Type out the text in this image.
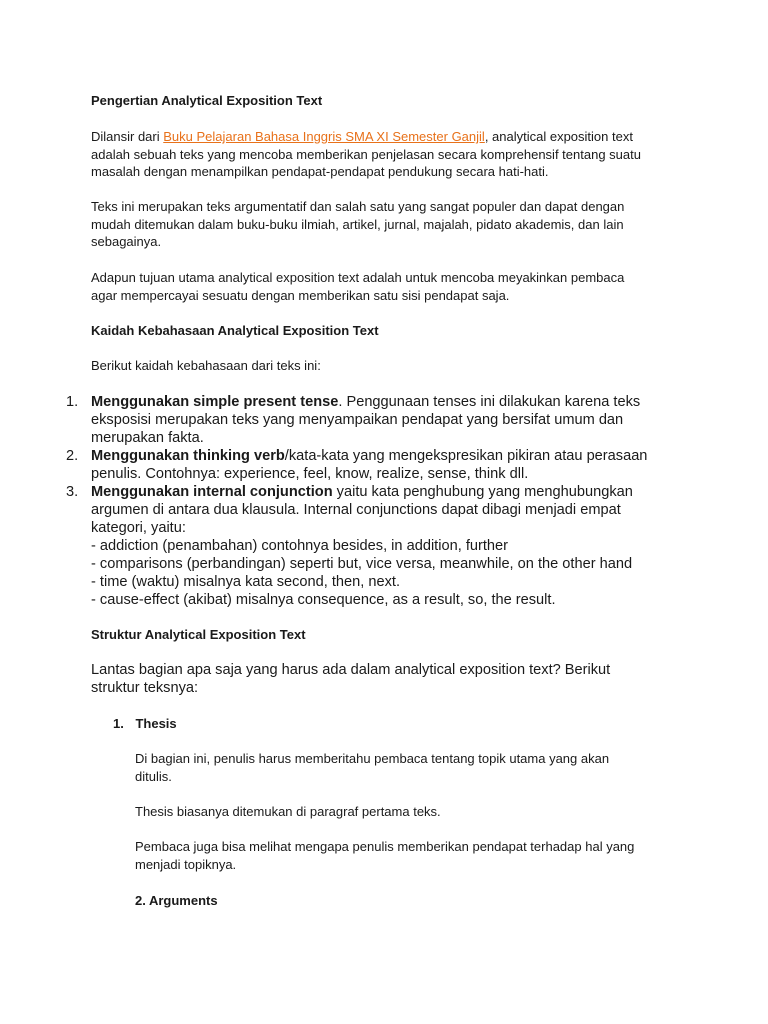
Pengertian Analytical Exposition Text
Dilansir dari Buku Pelajaran Bahasa Inggris SMA XI Semester Ganjil, analytical exposition text
adalah sebuah teks yang mencoba memberikan penjelasan secara komprehensif tentang suatu
masalah dengan menampilkan pendapat-pendapat pendukung secara hati-hati.
Teks ini merupakan teks argumentatif dan salah satu yang sangat populer dan dapat dengan
mudah ditemukan dalam buku-buku ilmiah, artikel, jurnal, majalah, pidato akademis, dan lain
sebagainya.
Adapun tujuan utama analytical exposition text adalah untuk mencoba meyakinkan pembaca
agar mempercayai sesuatu dengan memberikan satu sisi pendapat saja.
Kaidah Kebahasaan Analytical Exposition Text
Berikut kaidah kebahasaan dari teks ini:
1. Menggunakan simple present tense. Penggunaan tenses ini dilakukan karena teks
eksposisi merupakan teks yang menyampaikan pendapat yang bersifat umum dan
merupakan fakta.
2. Menggunakan thinking verb/kata-kata yang mengekspresikan pikiran atau perasaan
penulis. Contohnya: experience, feel, know, realize, sense, think dll.
3. Menggunakan internal conjunction yaitu kata penghubung yang menghubungkan
argumen di antara dua klausula. Internal conjunctions dapat dibagi menjadi empat
kategori, yaitu:
- addiction (penambahan) contohnya besides, in addition, further
- comparisons (perbandingan) seperti but, vice versa, meanwhile, on the other hand
- time (waktu) misalnya kata second, then, next.
- cause-effect (akibat) misalnya consequence, as a result, so, the result.
Struktur Analytical Exposition Text
Lantas bagian apa saja yang harus ada dalam analytical exposition text? Berikut
struktur teksnya:
1. Thesis
Di bagian ini, penulis harus memberitahu pembaca tentang topik utama yang akan
ditulis.
Thesis biasanya ditemukan di paragraf pertama teks.
Pembaca juga bisa melihat mengapa penulis memberikan pendapat terhadap hal yang
menjadi topiknya.
2. Arguments
